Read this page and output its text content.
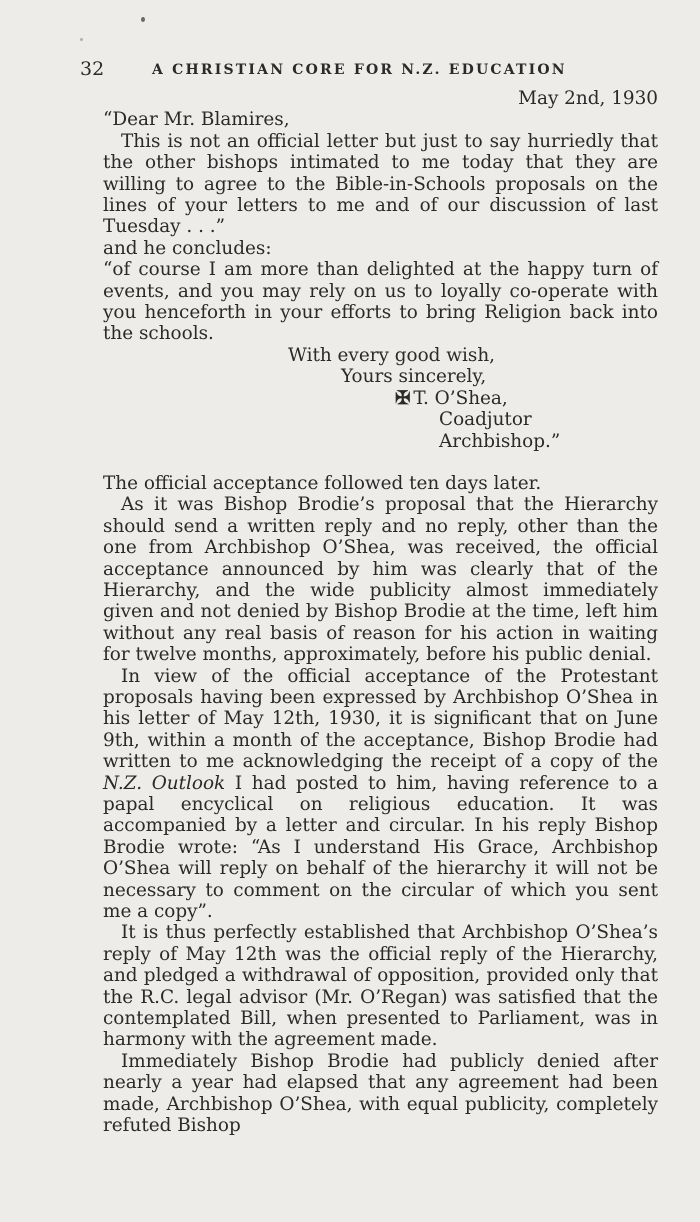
32	A CHRISTIAN CORE FOR N.Z. EDUCATION

May 2nd, 1930

“Dear Mr. Blamires,

This is not an official letter but just to say hurriedly that the other bishops intimated to me today that they are willing to agree to the Bible-in-Schools proposals on the lines of your letters to me and of our discussion of last Tuesday . . .”

and he concludes:

“of course I am more than delighted at the happy turn of events, and you may rely on us to loyally co-operate with you henceforth in your efforts to bring Religion back into the schools.

With every good wish,

Yours sincerely,

✠ T. O’Shea,

Coadjutor Archbishop.”

The official acceptance followed ten days later.

As it was Bishop Brodie’s proposal that the Hierarchy should send a written reply and no reply, other than the one from Archbishop O’Shea, was received, the official acceptance announced by him was clearly that of the Hierarchy, and the wide publicity almost immediately given and not denied by Bishop Brodie at the time, left him without any real basis of reason for his action in waiting for twelve months, approximately, before his public denial.

In view of the official acceptance of the Protestant proposals having been expressed by Archbishop O’Shea in his letter of May 12th, 1930, it is significant that on June 9th, within a month of the acceptance, Bishop Brodie had written to me acknowledging the receipt of a copy of the N.Z. Outlook I had posted to him, having reference to a papal encyclical on religious education. It was accompanied by a letter and circular. In his reply Bishop Brodie wrote: “As I understand His Grace, Archbishop O’Shea will reply on behalf of the hierarchy it will not be necessary to comment on the circular of which you sent me a copy”.

It is thus perfectly established that Archbishop O’Shea’s reply of May 12th was the official reply of the Hierarchy, and pledged a withdrawal of opposition, provided only that the R.C. legal advisor (Mr. O’Regan) was satisfied that the contemplated Bill, when presented to Parliament, was in harmony with the agreement made.

Immediately Bishop Brodie had publicly denied after nearly a year had elapsed that any agreement had been made, Archbishop O’Shea, with equal publicity, completely refuted Bishop
